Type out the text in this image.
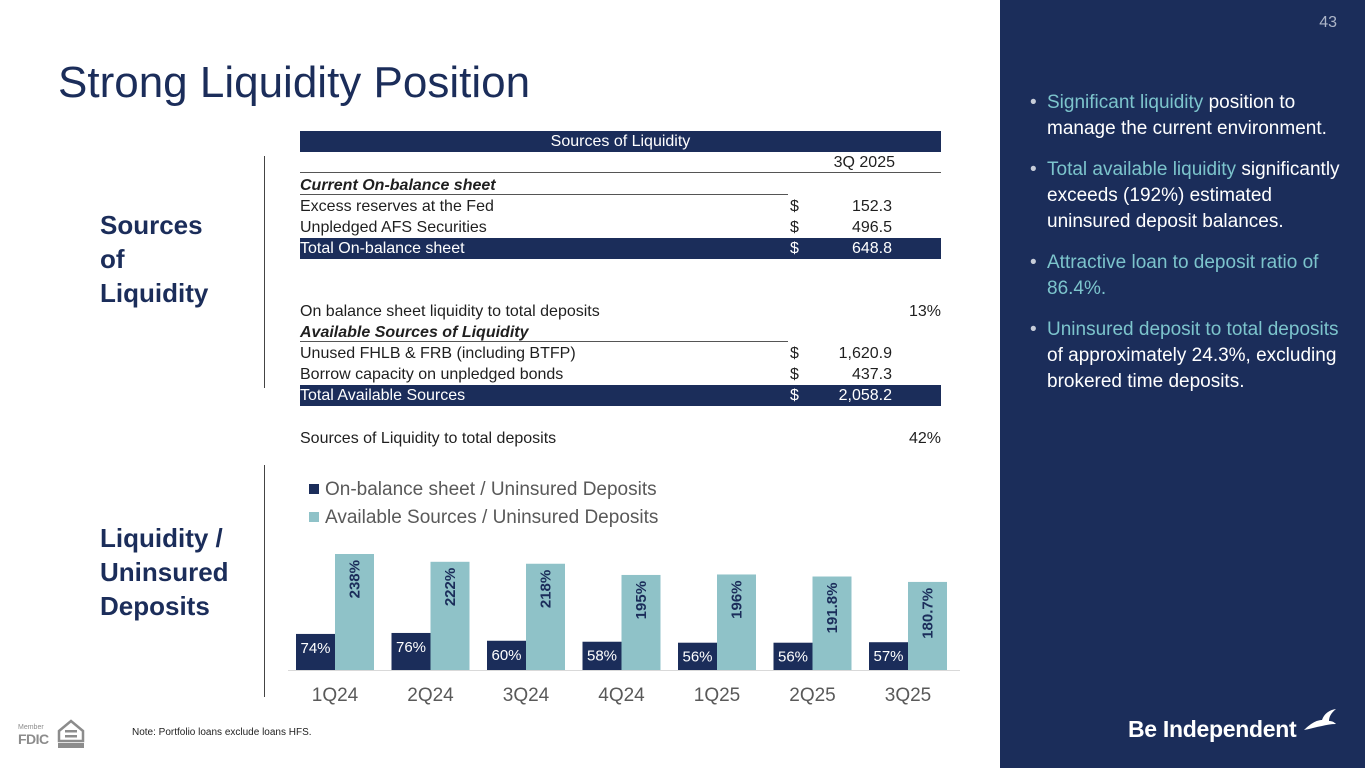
Strong Liquidity Position
Sources
of
Liquidity
Liquidity /
Uninsured
Deposits
Sources of Liquidity
3Q 2025
Current On-balance sheet
Excess reserves at the Fed	$	152.3
Unpledged AFS Securities	$	496.5
Total On-balance sheet	$	648.8
On balance sheet liquidity to total deposits	13%
Available Sources of Liquidity
Unused FHLB & FRB (including BTFP)	$	1,620.9
Borrow capacity on unpledged bonds	$	437.3
Total Available Sources	$	2,058.2
Sources of Liquidity to total deposits	42%
On-balance sheet / Uninsured Deposits
Available Sources / Uninsured Deposits
74%
238%
1Q24
76%
222%
2Q24
60%
218%
3Q24
58%
195%
4Q24
56%
196%
1Q25
56%
191.8%
2Q25
57%
180.7%
3Q25
Note: Portfolio loans exclude loans HFS.
Member
FDIC
43
• Significant liquidity position to manage the current environment.
• Total available liquidity significantly exceeds (192%) estimated uninsured deposit balances.
• Attractive loan to deposit ratio of 86.4%.
• Uninsured deposit to total deposits of approximately 24.3%, excluding brokered time deposits.
Be Independent
